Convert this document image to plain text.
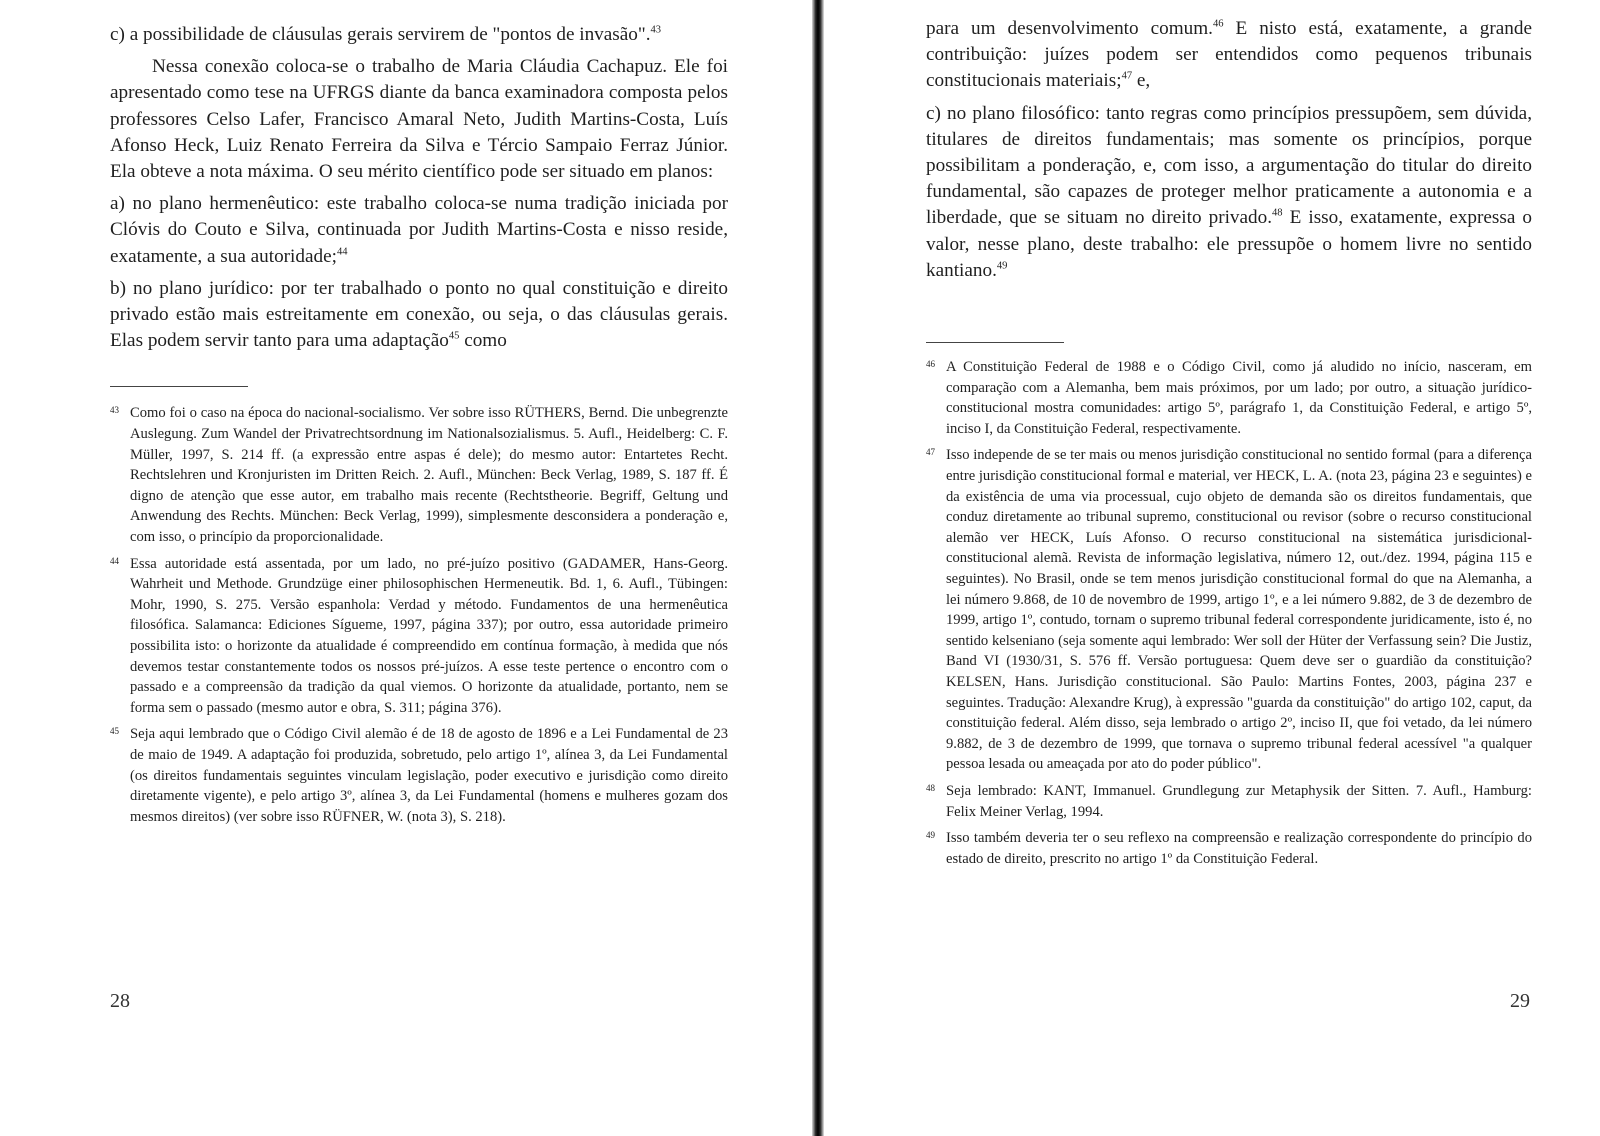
c) a possibilidade de cláusulas gerais servirem de "pontos de invasão".$^{43}$

Nessa conexão coloca-se o trabalho de Maria Cláudia Cachapuz. Ele foi apresentado como tese na UFRGS diante da banca examinadora composta pelos professores Celso Lafer, Francisco Amaral Neto, Judith Martins-Costa, Luís Afonso Heck, Luiz Renato Ferreira da Silva e Tércio Sampaio Ferraz Júnior. Ela obteve a nota máxima. O seu mérito científico pode ser situado em planos:

a) no plano hermenêutico: este trabalho coloca-se numa tradição iniciada por Clóvis do Couto e Silva, continuada por Judith Martins-Costa e nisso reside, exatamente, a sua autoridade;$^{44}$

b) no plano jurídico: por ter trabalhado o ponto no qual constituição e direito privado estão mais estreitamente em conexão, ou seja, o das cláusulas gerais. Elas podem servir tanto para uma adaptação$^{45}$ como

43 Como foi o caso na época do nacional-socialismo. Ver sobre isso RÜTHERS, Bernd. Die unbegrenzte Auslegung. Zum Wandel der Privatrechtsordnung im Nationalsozialismus. 5. Aufl., Heidelberg: C. F. Müller, 1997, S. 214 ff. (a expressão entre aspas é dele); do mesmo autor: Entartetes Recht. Rechtslehren und Kronjuristen im Dritten Reich. 2. Aufl., München: Beck Verlag, 1989, S. 187 ff. É digno de atenção que esse autor, em trabalho mais recente (Rechtstheorie. Begriff, Geltung und Anwendung des Rechts. München: Beck Verlag, 1999), simplesmente desconsidera a ponderação e, com isso, o princípio da proporcionalidade.
44 Essa autoridade está assentada, por um lado, no pré-juízo positivo (GADAMER, Hans-Georg. Wahrheit und Methode. Grundzüge einer philosophischen Hermeneutik. Bd. 1, 6. Aufl., Tübingen: Mohr, 1990, S. 275. Versão espanhola: Verdad y método. Fundamentos de una hermenêutica filosófica. Salamanca: Ediciones Sígueme, 1997, página 337); por outro, essa autoridade primeiro possibilita isto: o horizonte da atualidade é compreendido em contínua formação, à medida que nós devemos testar constantemente todos os nossos pré-juízos. A esse teste pertence o encontro com o passado e a compreensão da tradição da qual viemos. O horizonte da atualidade, portanto, nem se forma sem o passado (mesmo autor e obra, S. 311; página 376).
45 Seja aqui lembrado que o Código Civil alemão é de 18 de agosto de 1896 e a Lei Fundamental de 23 de maio de 1949. A adaptação foi produzida, sobretudo, pelo artigo 1º, alínea 3, da Lei Fundamental (os direitos fundamentais seguintes vinculam legislação, poder executivo e jurisdição como direito diretamente vigente), e pelo artigo 3º, alínea 3, da Lei Fundamental (homens e mulheres gozam dos mesmos direitos) (ver sobre isso RÜFNER, W. (nota 3), S. 218).
28

para um desenvolvimento comum.$^{46}$ E nisto está, exatamente, a grande contribuição: juízes podem ser entendidos como pequenos tribunais constitucionais materiais;$^{47}$ e,

c) no plano filosófico: tanto regras como princípios pressupõem, sem dúvida, titulares de direitos fundamentais; mas somente os princípios, porque possibilitam a ponderação, e, com isso, a argumentação do titular do direito fundamental, são capazes de proteger melhor praticamente a autonomia e a liberdade, que se situam no direito privado.$^{48}$ E isso, exatamente, expressa o valor, nesse plano, deste trabalho: ele pressupõe o homem livre no sentido kantiano.$^{49}$

46 A Constituição Federal de 1988 e o Código Civil, como já aludido no início, nasceram, em comparação com a Alemanha, bem mais próximos, por um lado; por outro, a situação jurídico-constitucional mostra comunidades: artigo 5º, parágrafo 1, da Constituição Federal, e artigo 5º, inciso I, da Constituição Federal, respectivamente.
47 Isso independe de se ter mais ou menos jurisdição constitucional no sentido formal (para a diferença entre jurisdição constitucional formal e material, ver HECK, L. A. (nota 23, página 23 e seguintes) e da existência de uma via processual, cujo objeto de demanda são os direitos fundamentais, que conduz diretamente ao tribunal supremo, constitucional ou revisor (sobre o recurso constitucional alemão ver HECK, Luís Afonso. O recurso constitucional na sistemática jurisdicional-constitucional alemã. Revista de informação legislativa, número 12, out./dez. 1994, página 115 e seguintes). No Brasil, onde se tem menos jurisdição constitucional formal do que na Alemanha, a lei número 9.868, de 10 de novembro de 1999, artigo 1º, e a lei número 9.882, de 3 de dezembro de 1999, artigo 1º, contudo, tornam o supremo tribunal federal correspondente juridicamente, isto é, no sentido kelseniano (seja somente aqui lembrado: Wer soll der Hüter der Verfassung sein? Die Justiz, Band VI (1930/31, S. 576 ff. Versão portuguesa: Quem deve ser o guardião da constituição? KELSEN, Hans. Jurisdição constitucional. São Paulo: Martins Fontes, 2003, página 237 e seguintes. Tradução: Alexandre Krug), à expressão "guarda da constituição" do artigo 102, caput, da constituição federal. Além disso, seja lembrado o artigo 2º, inciso II, que foi vetado, da lei número 9.882, de 3 de dezembro de 1999, que tornava o supremo tribunal federal acessível "a qualquer pessoa lesada ou ameaçada por ato do poder público".
48 Seja lembrado: KANT, Immanuel. Grundlegung zur Metaphysik der Sitten. 7. Aufl., Hamburg: Felix Meiner Verlag, 1994.
49 Isso também deveria ter o seu reflexo na compreensão e realização correspondente do princípio do estado de direito, prescrito no artigo 1º da Constituição Federal.
29
